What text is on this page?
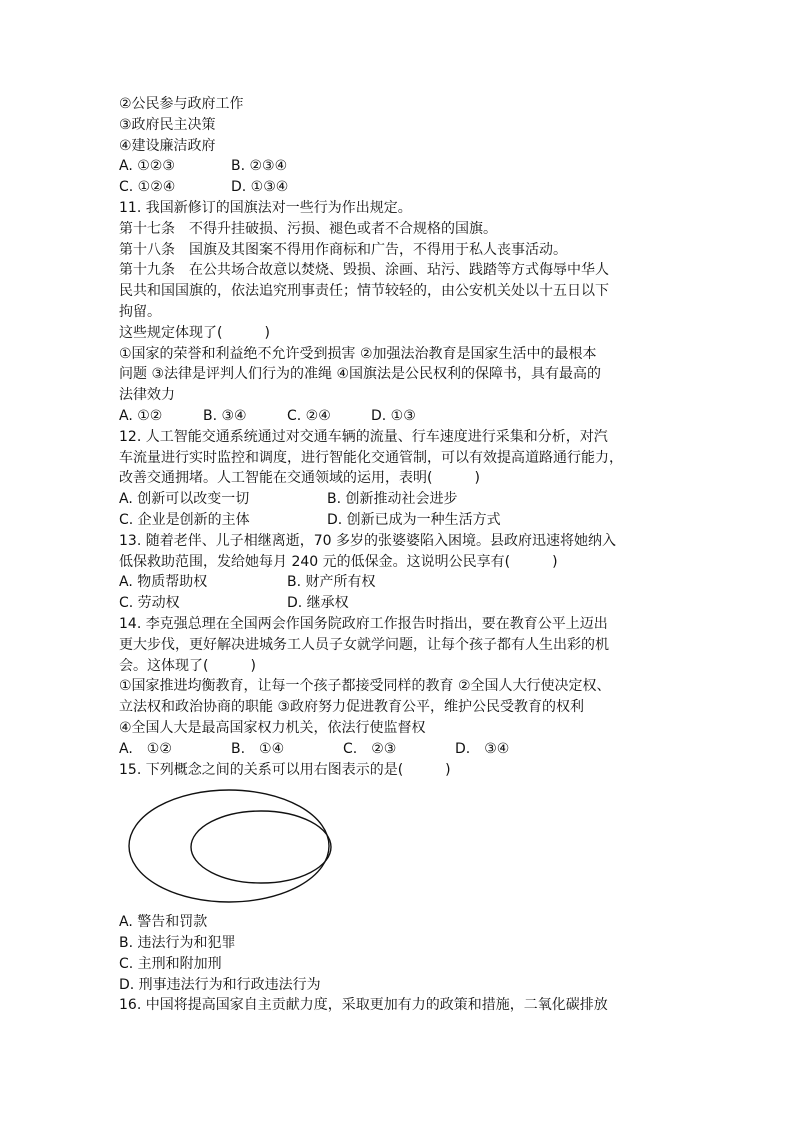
②公民参与政府工作
③政府民主决策
④建设廉洁政府
A. ①②③	B. ②③④
C. ①②④	D. ①③④
11. 我国新修订的国旗法对一些行为作出规定。
第十七条　不得升挂破损、污损、褪色或者不合规格的国旗。
第十八条　国旗及其图案不得用作商标和广告，不得用于私人丧事活动。
第十九条　在公共场合故意以焚烧、毁损、涂画、玷污、践踏等方式侮辱中华人
民共和国国旗的，依法追究刑事责任；情节较轻的，由公安机关处以十五日以下
拘留。
这些规定体现了(　　　)
①国家的荣誉和利益绝不允许受到损害 ②加强法治教育是国家生活中的最根本
问题 ③法律是评判人们行为的准绳 ④国旗法是公民权利的保障书，具有最高的
法律效力
A. ①②	B. ③④	C. ②④	D. ①③
12. 人工智能交通系统通过对交通车辆的流量、行车速度进行采集和分析，对汽
车流量进行实时监控和调度，进行智能化交通管制，可以有效提高道路通行能力，
改善交通拥堵。人工智能在交通领域的运用，表明(　　　)
A. 创新可以改变一切	B. 创新推动社会进步
C. 企业是创新的主体	D. 创新已成为一种生活方式
13. 随着老伴、儿子相继离逝，70 多岁的张婆婆陷入困境。县政府迅速将她纳入
低保救助范围，发给她每月 240 元的低保金。这说明公民享有(　　　)
A. 物质帮助权	B. 财产所有权
C. 劳动权	D. 继承权
14. 李克强总理在全国两会作国务院政府工作报告时指出，要在教育公平上迈出
更大步伐，更好解决进城务工人员子女就学问题，让每个孩子都有人生出彩的机
会。这体现了(　　　)
①国家推进均衡教育，让每一个孩子都接受同样的教育 ②全国人大行使决定权、
立法权和政治协商的职能 ③政府努力促进教育公平，维护公民受教育的权利
④全国人大是最高国家权力机关，依法行使监督权
A.　①②	B.　①④	C.　②③	D.　③④
15. 下列概念之间的关系可以用右图表示的是(　　　)
A. 警告和罚款
B. 违法行为和犯罪
C. 主刑和附加刑
D. 刑事违法行为和行政违法行为
16. 中国将提高国家自主贡献力度，采取更加有力的政策和措施，二氧化碳排放
